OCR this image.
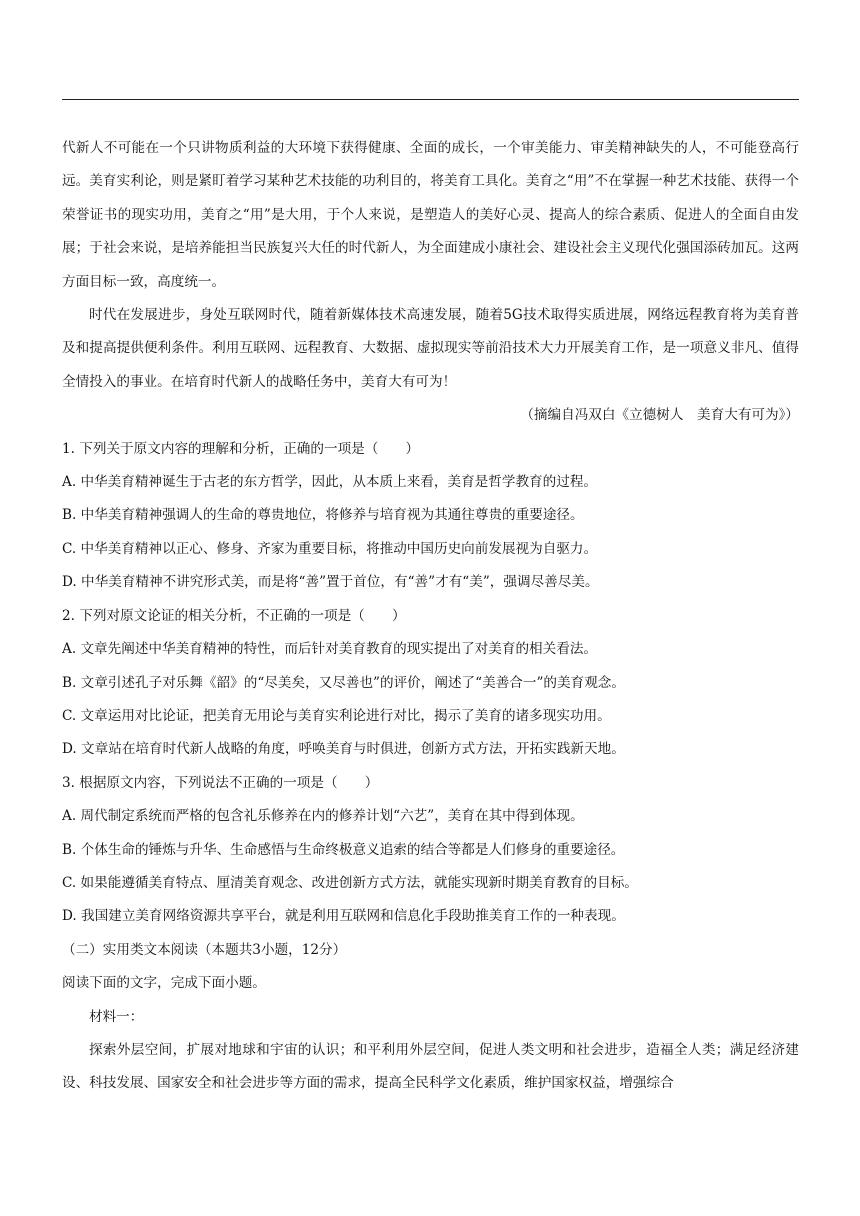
代新人不可能在一个只讲物质利益的大环境下获得健康、全面的成长，一个审美能力、审美精神缺失的人，不可能登高行远。美育实利论，则是紧盯着学习某种艺术技能的功利目的，将美育工具化。美育之“用”不在掌握一种艺术技能、获得一个荣誉证书的现实功用，美育之“用”是大用，于个人来说，是塑造人的美好心灵、提高人的综合素质、促进人的全面自由发展；于社会来说，是培养能担当民族复兴大任的时代新人，为全面建成小康社会、建设社会主义现代化强国添砖加瓦。这两方面目标一致，高度统一。

时代在发展进步，身处互联网时代，随着新媒体技术高速发展，随着5G技术取得实质进展，网络远程教育将为美育普及和提高提供便利条件。利用互联网、远程教育、大数据、虚拟现实等前沿技术大力开展美育工作，是一项意义非凡、值得全情投入的事业。在培育时代新人的战略任务中，美育大有可为！

（摘编自冯双白《立德树人　美育大有可为》）

1. 下列关于原文内容的理解和分析，正确的一项是（　　）

A. 中华美育精神诞生于古老的东方哲学，因此，从本质上来看，美育是哲学教育的过程。

B. 中华美育精神强调人的生命的尊贵地位，将修养与培育视为其通往尊贵的重要途径。

C. 中华美育精神以正心、修身、齐家为重要目标，将推动中国历史向前发展视为自驱力。

D. 中华美育精神不讲究形式美，而是将“善”置于首位，有“善”才有“美”，强调尽善尽美。

2. 下列对原文论证的相关分析，不正确的一项是（　　）

A. 文章先阐述中华美育精神的特性，而后针对美育教育的现实提出了对美育的相关看法。

B. 文章引述孔子对乐舞《韶》的“尽美矣，又尽善也”的评价，阐述了“美善合一”的美育观念。

C. 文章运用对比论证，把美育无用论与美育实利论进行对比，揭示了美育的诸多现实功用。

D. 文章站在培育时代新人战略的角度，呼唤美育与时俱进，创新方式方法，开拓实践新天地。

3. 根据原文内容，下列说法不正确的一项是（　　）

A. 周代制定系统而严格的包含礼乐修养在内的修养计划“六艺”，美育在其中得到体现。

B. 个体生命的锤炼与升华、生命感悟与生命终极意义追索的结合等都是人们修身的重要途径。

C. 如果能遵循美育特点、厘清美育观念、改进创新方式方法，就能实现新时期美育教育的目标。

D. 我国建立美育网络资源共享平台，就是利用互联网和信息化手段助推美育工作的一种表现。

（二）实用类文本阅读（本题共3小题，12分）

阅读下面的文字，完成下面小题。

材料一：

探索外层空间，扩展对地球和宇宙的认识；和平利用外层空间，促进人类文明和社会进步，造福全人类；满足经济建设、科技发展、国家安全和社会进步等方面的需求，提高全民科学文化素质，维护国家权益，增强综合
